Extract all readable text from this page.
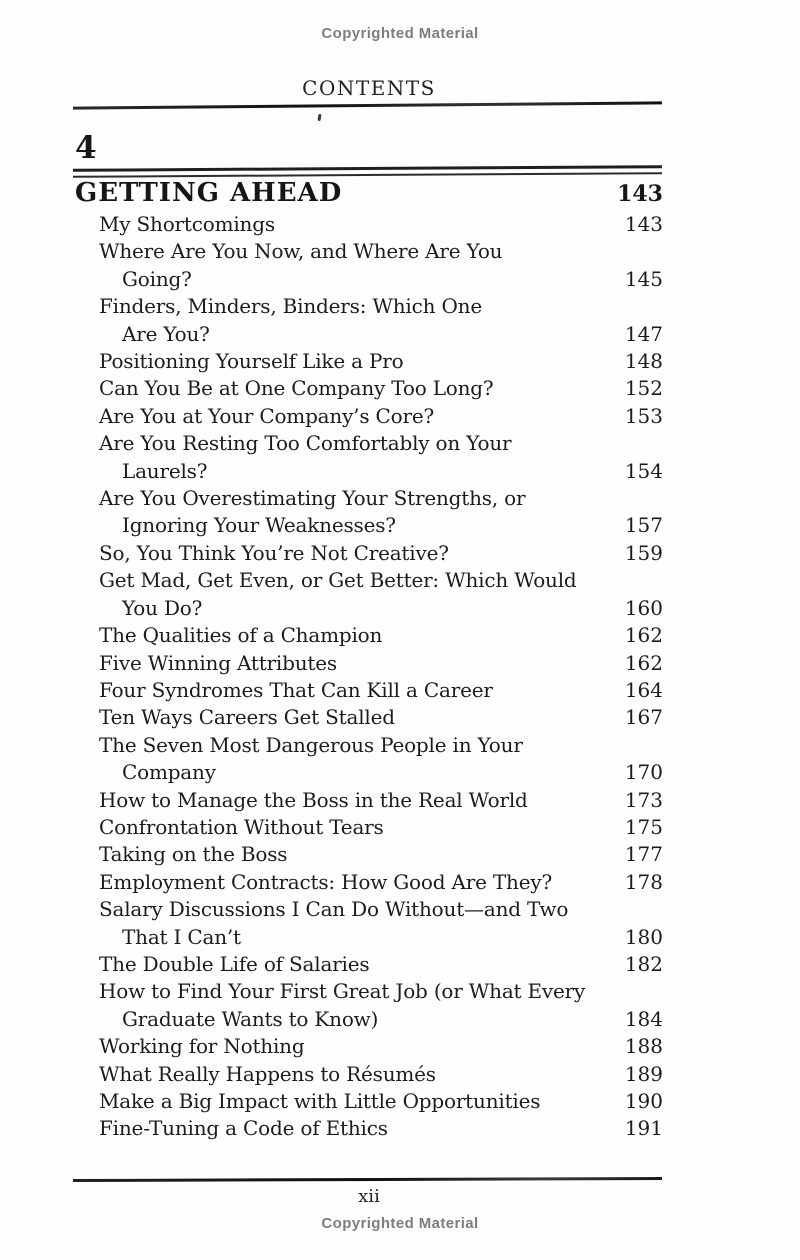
Copyrighted Material
CONTENTS
4
GETTING AHEAD	143
My Shortcomings	143
Where Are You Now, and Where Are You
Going?	145
Finders, Minders, Binders: Which One
Are You?	147
Positioning Yourself Like a Pro	148
Can You Be at One Company Too Long?	152
Are You at Your Company’s Core?	153
Are You Resting Too Comfortably on Your
Laurels?	154
Are You Overestimating Your Strengths, or
Ignoring Your Weaknesses?	157
So, You Think You’re Not Creative?	159
Get Mad, Get Even, or Get Better: Which Would
You Do?	160
The Qualities of a Champion	162
Five Winning Attributes	162
Four Syndromes That Can Kill a Career	164
Ten Ways Careers Get Stalled	167
The Seven Most Dangerous People in Your
Company	170
How to Manage the Boss in the Real World	173
Confrontation Without Tears	175
Taking on the Boss	177
Employment Contracts: How Good Are They?	178
Salary Discussions I Can Do Without—and Two
That I Can’t	180
The Double Life of Salaries	182
How to Find Your First Great Job (or What Every
Graduate Wants to Know)	184
Working for Nothing	188
What Really Happens to Résumés	189
Make a Big Impact with Little Opportunities	190
Fine-Tuning a Code of Ethics	191
xii
Copyrighted Material
